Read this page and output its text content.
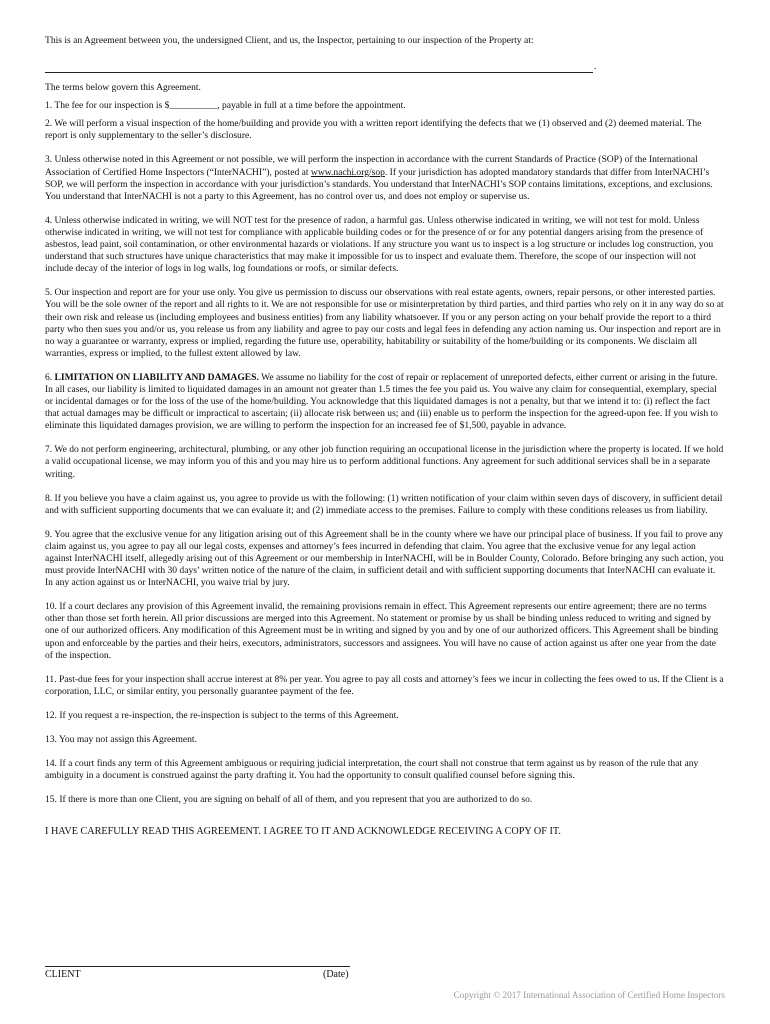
This is an Agreement between you, the undersigned Client, and us, the Inspector, pertaining to our inspection of the Property at:

.

The terms below govern this Agreement.

1. The fee for our inspection is $__________, payable in full at a time before the appointment.

2. We will perform a visual inspection of the home/building and provide you with a written report identifying the defects that we (1) observed and (2) deemed material. The report is only supplementary to the seller’s disclosure.

3. Unless otherwise noted in this Agreement or not possible, we will perform the inspection in accordance with the current Standards of Practice (SOP) of the International Association of Certified Home Inspectors (“InterNACHI”), posted at www.nachi.org/sop. If your jurisdiction has adopted mandatory standards that differ from InterNACHI’s SOP, we will perform the inspection in accordance with your jurisdiction’s standards. You understand that InterNACHI’s SOP contains limitations, exceptions, and exclusions. You understand that InterNACHI is not a party to this Agreement, has no control over us, and does not employ or supervise us.

4. Unless otherwise indicated in writing, we will NOT test for the presence of radon, a harmful gas. Unless otherwise indicated in writing, we will not test for mold. Unless otherwise indicated in writing, we will not test for compliance with applicable building codes or for the presence of or for any potential dangers arising from the presence of asbestos, lead paint, soil contamination, or other environmental hazards or violations. If any structure you want us to inspect is a log structure or includes log construction, you understand that such structures have unique characteristics that may make it impossible for us to inspect and evaluate them. Therefore, the scope of our inspection will not include decay of the interior of logs in log walls, log foundations or roofs, or similar defects.

5. Our inspection and report are for your use only. You give us permission to discuss our observations with real estate agents, owners, repair persons, or other interested parties. You will be the sole owner of the report and all rights to it. We are not responsible for use or misinterpretation by third parties, and third parties who rely on it in any way do so at their own risk and release us (including employees and business entities) from any liability whatsoever. If you or any person acting on your behalf provide the report to a third party who then sues you and/or us, you release us from any liability and agree to pay our costs and legal fees in defending any action naming us. Our inspection and report are in no way a guarantee or warranty, express or implied, regarding the future use, operability, habitability or suitability of the home/building or its components. We disclaim all warranties, express or implied, to the fullest extent allowed by law.

6. LIMITATION ON LIABILITY AND DAMAGES. We assume no liability for the cost of repair or replacement of unreported defects, either current or arising in the future. In all cases, our liability is limited to liquidated damages in an amount not greater than 1.5 times the fee you paid us. You waive any claim for consequential, exemplary, special or incidental damages or for the loss of the use of the home/building. You acknowledge that this liquidated damages is not a penalty, but that we intend it to: (i) reflect the fact that actual damages may be difficult or impractical to ascertain; (ii) allocate risk between us; and (iii) enable us to perform the inspection for the agreed-upon fee. If you wish to eliminate this liquidated damages provision, we are willing to perform the inspection for an increased fee of $1,500, payable in advance.

7. We do not perform engineering, architectural, plumbing, or any other job function requiring an occupational license in the jurisdiction where the property is located. If we hold a valid occupational license, we may inform you of this and you may hire us to perform additional functions. Any agreement for such additional services shall be in a separate writing.

8. If you believe you have a claim against us, you agree to provide us with the following: (1) written notification of your claim within seven days of discovery, in sufficient detail and with sufficient supporting documents that we can evaluate it; and (2) immediate access to the premises. Failure to comply with these conditions releases us from liability.

9. You agree that the exclusive venue for any litigation arising out of this Agreement shall be in the county where we have our principal place of business. If you fail to prove any claim against us, you agree to pay all our legal costs, expenses and attorney’s fees incurred in defending that claim. You agree that the exclusive venue for any legal action against InterNACHI itself, allegedly arising out of this Agreement or our membership in InterNACHI, will be in Boulder County, Colorado. Before bringing any such action, you must provide InterNACHI with 30 days’ written notice of the nature of the claim, in sufficient detail and with sufficient supporting documents that InterNACHI can evaluate it. In any action against us or InterNACHI, you waive trial by jury.

10. If a court declares any provision of this Agreement invalid, the remaining provisions remain in effect. This Agreement represents our entire agreement; there are no terms other than those set forth herein. All prior discussions are merged into this Agreement. No statement or promise by us shall be binding unless reduced to writing and signed by one of our authorized officers. Any modification of this Agreement must be in writing and signed by you and by one of our authorized officers. This Agreement shall be binding upon and enforceable by the parties and their heirs, executors, administrators, successors and assignees. You will have no cause of action against us after one year from the date of the inspection.

11. Past-due fees for your inspection shall accrue interest at 8% per year. You agree to pay all costs and attorney’s fees we incur in collecting the fees owed to us. If the Client is a corporation, LLC, or similar entity, you personally guarantee payment of the fee.

12. If you request a re-inspection, the re-inspection is subject to the terms of this Agreement.

13. You may not assign this Agreement.

14. If a court finds any term of this Agreement ambiguous or requiring judicial interpretation, the court shall not construe that term against us by reason of the rule that any ambiguity in a document is construed against the party drafting it. You had the opportunity to consult qualified counsel before signing this.

15. If there is more than one Client, you are signing on behalf of all of them, and you represent that you are authorized to do so.

I HAVE CAREFULLY READ THIS AGREEMENT. I AGREE TO IT AND ACKNOWLEDGE RECEIVING A COPY OF IT.

CLIENT	(Date)
Copyright © 2017 International Association of Certified Home Inspectors
